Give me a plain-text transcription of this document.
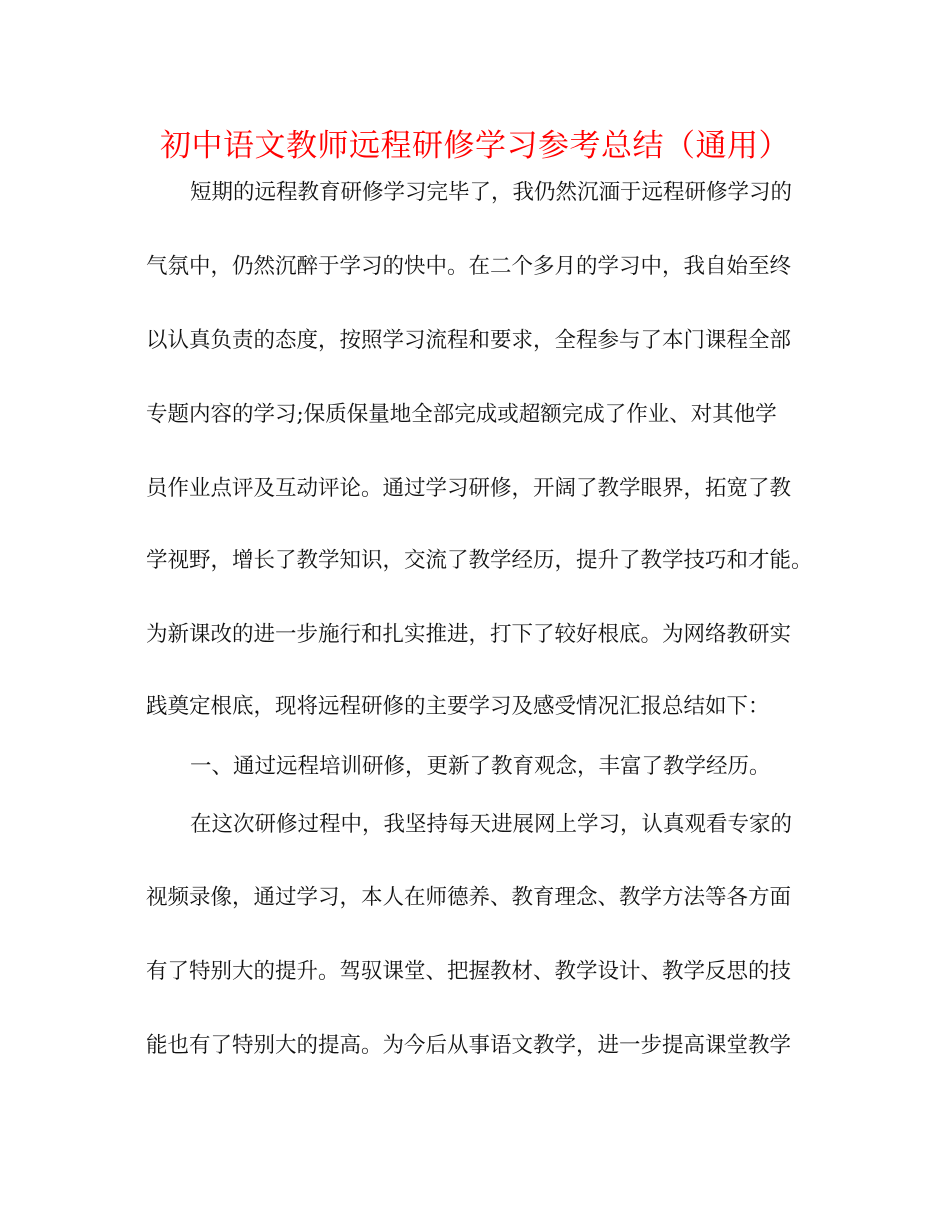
初中语文教师远程研修学习参考总结（通用）
短期的远程教育研修学习完毕了，我仍然沉湎于远程研修学习的
气氛中，仍然沉醉于学习的快中。在二个多月的学习中，我自始至终
以认真负责的态度，按照学习流程和要求，全程参与了本门课程全部
专题内容的学习;保质保量地全部完成或超额完成了作业、对其他学
员作业点评及互动评论。通过学习研修，开阔了教学眼界，拓宽了教
学视野，增长了教学知识，交流了教学经历，提升了教学技巧和才能。
为新课改的进一步施行和扎实推进，打下了较好根底。为网络教研实
践奠定根底，现将远程研修的主要学习及感受情况汇报总结如下：
一、通过远程培训研修，更新了教育观念，丰富了教学经历。
在这次研修过程中，我坚持每天进展网上学习，认真观看专家的
视频录像，通过学习，本人在师德养、教育理念、教学方法等各方面
有了特别大的提升。驾驭课堂、把握教材、教学设计、教学反思的技
能也有了特别大的提高。为今后从事语文教学，进一步提高课堂教学
